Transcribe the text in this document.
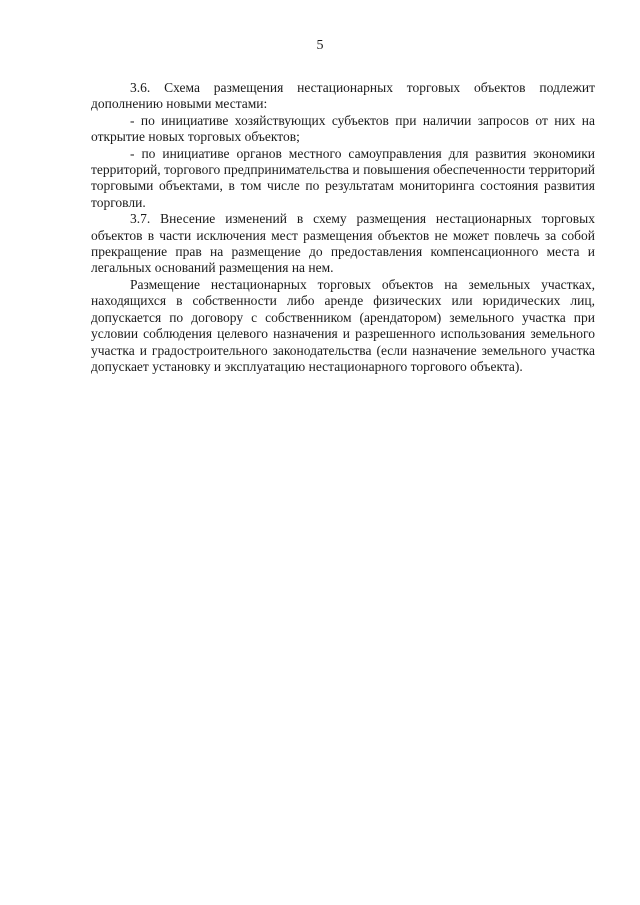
5

3.6. Схема размещения нестационарных торговых объектов подлежит дополнению новыми местами:

- по инициативе хозяйствующих субъектов при наличии запросов от них на открытие новых торговых объектов;

- по инициативе органов местного самоуправления для развития экономики территорий, торгового предпринимательства и повышения обеспеченности территорий торговыми объектами, в том числе по результатам мониторинга состояния развития торговли.

3.7. Внесение изменений в схему размещения нестационарных торговых объектов в части исключения мест размещения объектов не может повлечь за собой прекращение прав на размещение до предоставления компенсационного места и легальных оснований размещения на нем.

Размещение нестационарных торговых объектов на земельных участках, находящихся в собственности либо аренде физических или юридических лиц, допускается по договору с собственником (арендатором) земельного участка при условии соблюдения целевого назначения и разрешенного использования земельного участка и градостроительного законодательства (если назначение земельного участка допускает установку и эксплуатацию нестационарного торгового объекта).
